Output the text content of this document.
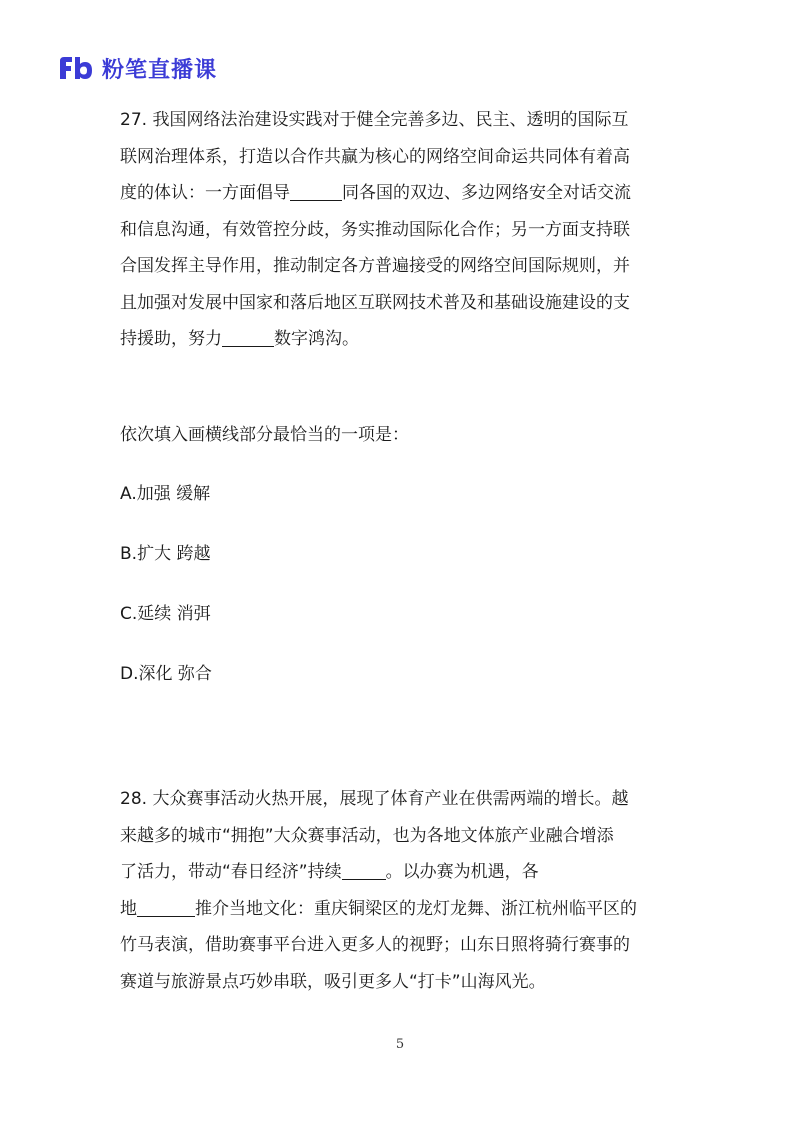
粉笔直播课

27. 我国网络法治建设实践对于健全完善多边、民主、透明的国际互

联网治理体系，打造以合作共赢为核心的网络空间命运共同体有着高

度的体认：一方面倡导	同各国的双边、多边网络安全对话交流

和信息沟通，有效管控分歧，务实推动国际化合作；另一方面支持联

合国发挥主导作用，推动制定各方普遍接受的网络空间国际规则，并

且加强对发展中国家和落后地区互联网技术普及和基础设施建设的支

持援助，努力	数字鸿沟。

依次填入画横线部分最恰当的一项是：
A.加强 缓解
B.扩大 跨越
C.延续 消弭
D.深化 弥合

28. 大众赛事活动火热开展，展现了体育产业在供需两端的增长。越

来越多的城市“拥抱”大众赛事活动，也为各地文体旅产业融合增添

了活力，带动“春日经济”持续	。以办赛为机遇，各

地	推介当地文化：重庆铜梁区的龙灯龙舞、浙江杭州临平区的

竹马表演，借助赛事平台进入更多人的视野；山东日照将骑行赛事的

赛道与旅游景点巧妙串联，吸引更多人“打卡”山海风光。

5
